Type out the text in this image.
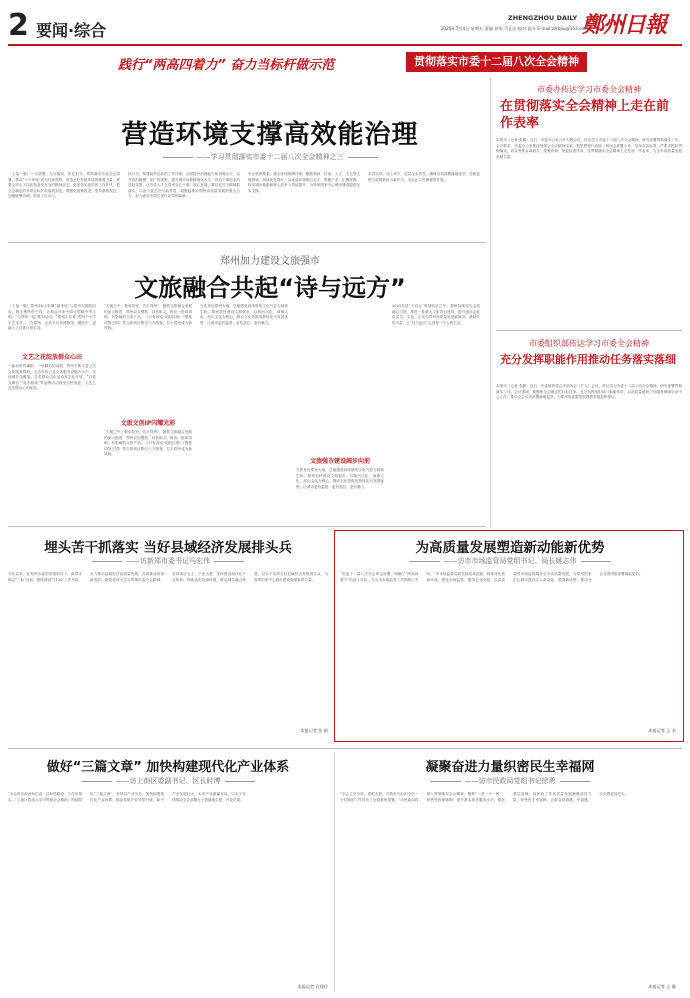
2 要闻·综合
ZHENGZHOU DAILY 鄭州日報
2025年7月4日 星期五 责编 孙华 马艺洁 校对 高升 E-mail:zzrbjiu@163.com
践行“两高四着力” 奋力当标杆做示范	贯彻落实市委十二届八次全会精神
营造环境支撑高效能治理
——学习贯彻落实市委十二届八次全会精神之三
（上接一版）一分部署，九分落实，贵在担当。贯彻落实市委全会部署，推动“十个环境”成为经营郑州，营造良好发展环境的重要力量，需要全市上下以更加奋发有为的精神状态、更加务实高效的工作作风，把全会确定的各项目标任务落到实处。要强化统筹推进，坚持系统观念，加强统筹协调，形成工作合力。
执行力，构建高效运转的工作体系。全面提升治理能力和治理水平，以开放的胸襟、宽广的视野，提升城市治理精细化水平。营造干事创业的良好氛围，让各类人才在郑州安心干事、放心发展。要以钉钉子精神抓落实，以奋斗姿态书写新答卷，凝聚起推动郑州高质量发展的强大合力，奋力谱写中国式现代化郑州篇章。
安全机制要素，健全环境保障体系。聚焦营商、法治、人文、生态等关键领域，持续优化提升，以优质环境吸引人才、集聚产业、汇聚资源，推动城市能级和核心竞争力持续提升，为郑州国家中心城市建设提供坚实支撑。
求得实效。以上率下，层层压实责任，确保各项部署落地见效，在新征程上展现新担当新作为，交出让人民满意的答卷。
郑州加力建设文旅强市
文旅融合共起“诗与远方”
（上接一版）郑州3D山彩舞“最美说”与郑州大剧院同步，数字博物馆上线，让观众在家中即可领略中华文明。“与郑州一起”系列活动、“郑州少年说”郑州中小学生艺术节……在郑州，文化不仅在博物馆、剧院中，更融入了百姓日常生活。
文艺之花绽放群众心田
一曲动听的豫剧，一场精彩的话剧，郑州不断丰富公共文化服务供给，全市共有公共文化服务设施万余个，实现城乡全覆盖。各类群众文化活动常态化开展，“百姓大舞台”“周末剧场”等品牌活动深受市民喜爱，文艺之花在群众心田绽放。
“天地之中、黄帝故里、功夫郑州”，随着文旅融合发展的深入推进，郑州以文塑旅、以旅彰文，推出一批叫得响、有影响的文旅产品，《只有河南·戏剧幻城》《银基动物王国》等文旅项目吸引八方游客，打卡郑州成为新风尚。
文旅文创IP闪耀光彩
“天地之中、黄帝故里、功夫郑州”，随着文旅融合发展的深入推进，郑州以文塑旅、以旅彰文，推出一批叫得响、有影响的文旅产品，《只有河南·戏剧幻城》《银基动物王国》等文旅项目吸引八方游客，打卡郑州成为新风尚。
当你身处郑州大地，总能感受到浓厚的文化气息与勃勃生机。郑州加快建设文旅强市，以黄河文化、商都文化、嵩山文化为核心，推动文化资源优势转化为发展优势，让城市更有温度、更有品位、更有魅力。
文旅强市建设阔步向前
当你身处郑州大地，总能感受到浓厚的文化气息与勃勃生机。郑州加快建设文旅强市，以黄河文化、商都文化、嵩山文化为核心，推动文化资源优势转化为发展优势，让城市更有温度、更有品位、更有魅力。
2025年是“十四五”规划收官之年。郑州持续加大文旅融合力度，推进一批重大文旅项目建设，提升城市文化软实力。文化，正成为郑州高质量发展最深沉、最持久的力量，让“诗与远方”走进每一个人的生活。
市委办传达学习市委全会精神
在贯彻落实全会精神上走在前作表率
本报讯（记者 张翼）近日，市委办公室召开专题会议，传达学习市委十二届八次全会精神，研究部署贯彻落实工作。会议要求，市委办公室要深刻领会全会精神实质，把思想和行动统一到全会部署上来，坚持以高标准、严要求抓好贯彻落实，切实发挥参谋助手、统筹协调、督促检查作用，在贯彻落实全会精神上走在前、作表率，为全市高质量发展贡献力量。
市委组织部传达学习市委全会精神
充分发挥职能作用推动任务落实落细
本报讯（记者 李静）近日，市委组织部召开部务会（扩大）会议，传达学习市委十二届八次全会精神，研究部署贯彻落实工作。会议强调，要聚焦全会确定的目标任务，充分发挥组织部门职能作用，以高质量组织工作服务保障全市中心工作，推动全会各项部署落地见效，为郑州高质量发展提供坚强组织保证。
埋头苦干抓落实 当好县域经济发展排头兵
——访新郑市委书记马宏伟
今年以来，在郑州市委的坚强领导下，新郑市锚定“三标”目标，围绕建设“1136”工作布局，全力推动县域经济高质量发展，各项事业取得新成效。新郑将深入学习贯彻市委全会精神，坚持项目为王、产业为基，加快建设现代化产业体系，持续优化营商环境，推动城乡融合发展，以实干实绩当好县域经济发展排头兵，为郑州国家中心城市建设贡献新郑力量。
本报记者 张 韵
为高质量发展塑造新动能新优势
——访市市场监管局党组书记、局长姚志伟
“市委十二届八次全会审定部署，明确了“两高四着力”的奋斗目标，为全市市场监管工作指明了方向。”市市场监管局将坚持改革创新，持续优化营商环境，强化市场监管，服务企业发展，以高质量的市场监管服务全市高质量发展，为郑州国家中心城市建设注入新动能、塑造新优势，推动全会各项决策部署落地见效。
本报记者 王 金
做好“三篇文章” 加快构建现代化产业体系
——访上街区委副书记、区长时博
“全会报告政治站位高，目标思路清，工作举措实。”上街区将深入学习贯彻全会精神，围绕做好“三篇文章”，坚持以产业为先，加快构建现代化产业体系，推动传统产业转型升级、新兴产业发展壮大、未来产业谋篇布局，以实干实绩推动全会部署在上街落地生根、开花结果。
本报记者 武建玲
凝聚奋进力量织密民生幸福网
——访市民政局党组书记徐勇
“全会立足全局，着眼大势，对我市当前和今后一个时期的工作作出了全面系统部署。”市民政局将深入贯彻落实全会精神，聚焦“一老一小一困”，织密兜底保障网，提升基本养老服务水平，强化基层治理，以民政工作高质量发展凝聚奋进力量，织密民生幸福网，让群众获得感、幸福感、安全感更加充实。
本报记者 王 璇
